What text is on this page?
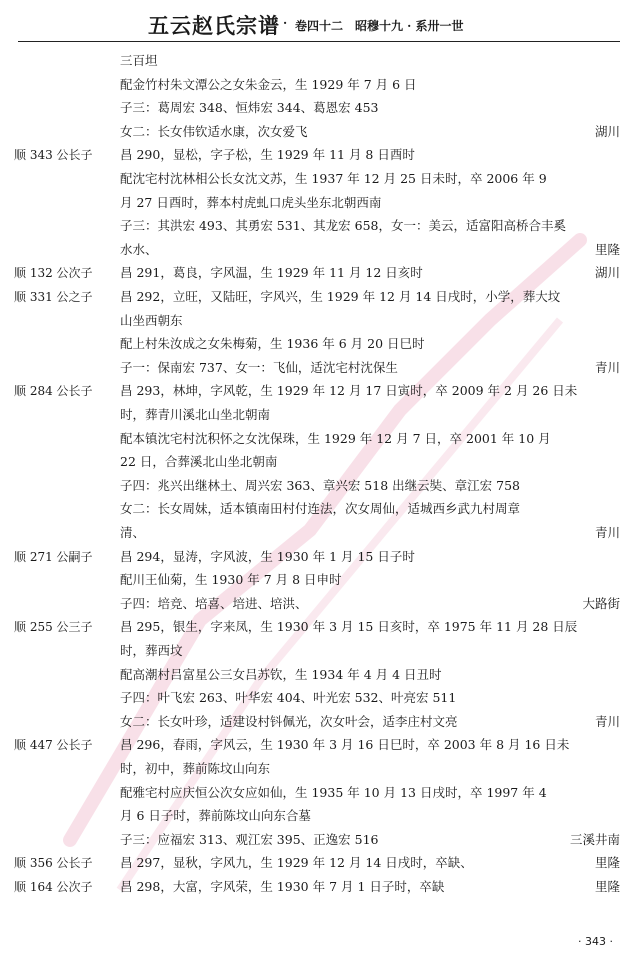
五云赵氏宗谱 · 卷四十二　昭穆十九 · 系卅一世
三百坦
配金竹村朱文潭公之女朱金云，生 1929 年 7 月 6 日
子三：葛周宏 348、恒炜宏 344、葛恩宏 453
女二：长女伟钦适水康，次女爱飞	湖川
顺 343 公长子	昌 290，显松，字子松，生 1929 年 11 月 8 日酉时
配沈宅村沈林相公长女沈文苏，生 1937 年 12 月 25 日未时，卒 2006 年 9
月 27 日酉时，葬本村虎虬口虎头坐东北朝西南
子三：其洪宏 493、其勇宏 531、其龙宏 658，女一：美云，适富阳高桥合丰奚
水水、	里隆
顺 132 公次子	昌 291，葛良，字风温，生 1929 年 11 月 12 日亥时	湖川
顺 331 公之子	昌 292，立旺，又陆旺，字风兴，生 1929 年 12 月 14 日戌时，小学，葬大坟
山坐西朝东
配上村朱汝成之女朱梅菊，生 1936 年 6 月 20 日巳时
子一：保南宏 737、女一：飞仙，适沈宅村沈保生	青川
顺 284 公长子	昌 293，林坤，字风乾，生 1929 年 12 月 17 日寅时，卒 2009 年 2 月 26 日未
时，葬青川溪北山坐北朝南
配本镇沈宅村沈积怀之女沈保珠，生 1929 年 12 月 7 日，卒 2001 年 10 月
22 日，合葬溪北山坐北朝南
子四：兆兴出继林土、周兴宏 363、章兴宏 518 出继云奘、章江宏 758
女二：长女周妹，适本镇南田村付连法，次女周仙，适城西乡武九村周章
清、	青川
顺 271 公嗣子	昌 294，显涛，字风波，生 1930 年 1 月 15 日子时
配川王仙菊，生 1930 年 7 月 8 日申时
子四：培竞、培喜、培进、培洪、	大路街
顺 255 公三子	昌 295，银生，字来凤，生 1930 年 3 月 15 日亥时，卒 1975 年 11 月 28 日辰
时，葬西坟
配高潮村吕富星公三女吕苏钦，生 1934 年 4 月 4 日丑时
子四：叶飞宏 263、叶华宏 404、叶光宏 532、叶亮宏 511
女二：长女叶珍，适建设村钭佩光，次女叶会，适李庄村文亮	青川
顺 447 公长子	昌 296，春雨，字风云，生 1930 年 3 月 16 日巳时，卒 2003 年 8 月 16 日未
时，初中，葬前陈坟山向东
配雅宅村应庆恒公次女应如仙，生 1935 年 10 月 13 日戌时，卒 1997 年 4
月 6 日子时，葬前陈坟山向东合墓
子三：应福宏 313、观江宏 395、正逸宏 516	三溪井南
顺 356 公长子	昌 297，显秋，字风九，生 1929 年 12 月 14 日戌时，卒缺、	里隆
顺 164 公次子	昌 298，大富，字风荣，生 1930 年 7 月 1 日子时，卒缺	里隆
· 343 ·
